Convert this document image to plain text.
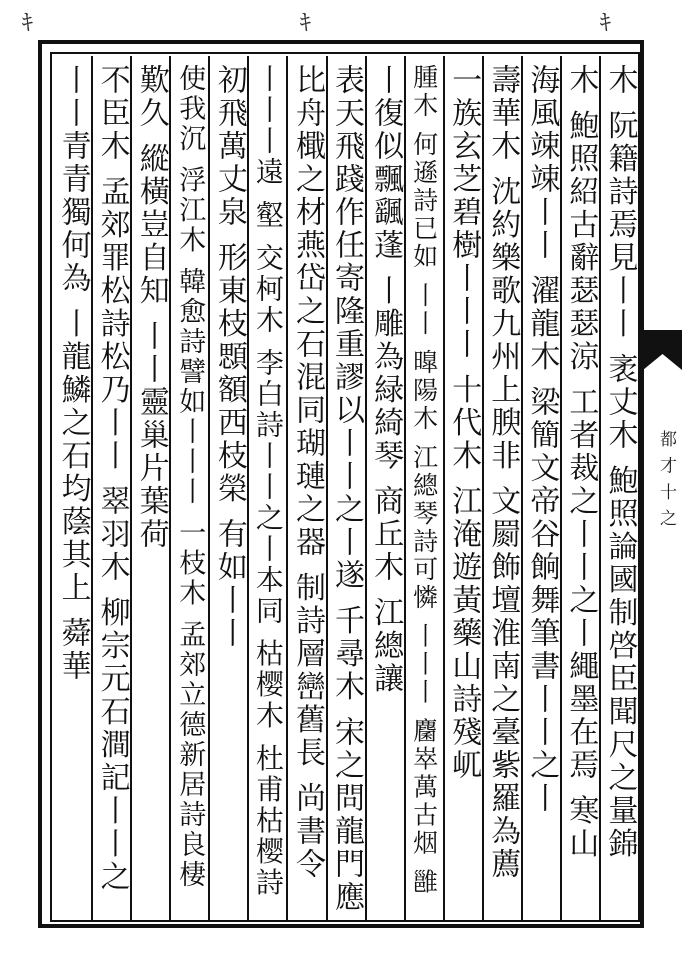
ｷ	ｷ	ｷ
都 才 十 之
木 阮籍詩焉見丨丨 袤丈木 鮑照論國制啓臣聞尺之量錦
木 鮑照紹古辭瑟瑟涼 工者裁之丨丨之丨繩墨在焉 寒山
海風竦竦丨丨 濯龍木 梁簡文帝谷餉舞筆書丨丨之丨
壽華木 沈約樂歌九州上腴非 文罽飾壇淮南之臺紫羅為薦
一族玄芝碧樹丨丨丨 十代木 江淹遊黃藥山詩殘屼
腫木 何遜詩已如 丨丨 曍陽木 江總琴詩可憐 丨丨丨 麕崒萬古烟 雝
丨復似飄颻蓬 丨雕為緑綺琴 商丘木 江總讓
表天飛踐作任寄隆重謬以丨丨之丨遂 千尋木 宋之問龍門應
比舟檝之材燕岱之石混同瑚璉之器 制詩層巒舊長 尚書令
丨丨丨遠 壑 交柯木 李白詩丨丨之丨本同 枯樱木 杜甫枯樱詩
初飛萬丈泉 形東枝顋額西枝榮 有如丨丨
使我沉 浮江木 韓愈詩譬如丨丨丨 一枝木 孟郊立德新居詩良棲
歎久 縱橫豈自知 丨丨靈巢片葉荷
不臣木 孟郊罪松詩松乃丨丨 翠羽木 柳宗元石澗記丨丨之
丨丨青青獨何為 丨龍鱗之石均蔭其上 蕣華
